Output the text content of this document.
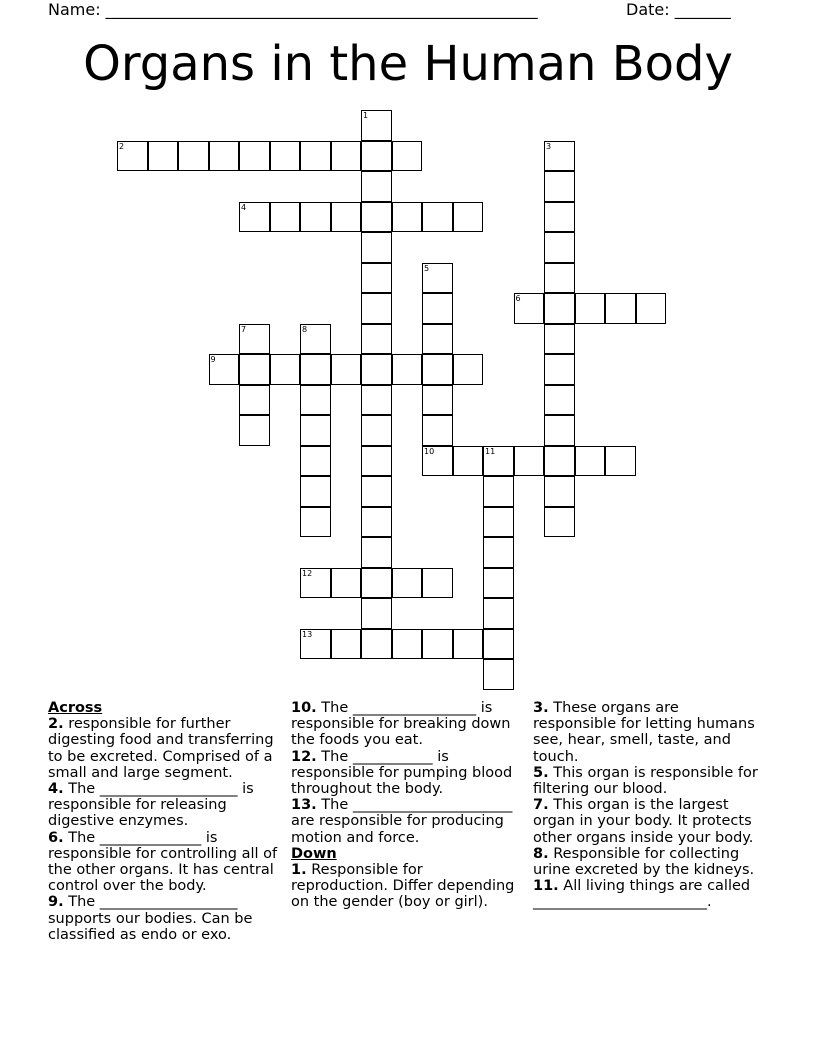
Name: ______________________________________________________	Date: _______
Organs in the Human Body
1
2	3
4
5
10
6
7	8
9
11
12
13

Across

2. responsible for further digesting food and transferring to be excreted. Comprised of a small and large segment.

4. The ___________________ is responsible for releasing digestive enzymes.

6. The ______________ is responsible for controlling all of the other organs. It has central control over the body.

9. The ___________________ supports our bodies. Can be classified as endo or exo.

10. The _________________ is responsible for breaking down the foods you eat.

12. The ___________ is responsible for pumping blood throughout the body.

13. The ______________________ are responsible for producing motion and force.

Down

1. Responsible for reproduction. Differ depending on the gender (boy or girl).

3. These organs are responsible for letting humans see, hear, smell, taste, and touch.

5. This organ is responsible for filtering our blood.

7. This organ is the largest organ in your body. It protects other organs inside your body.

8. Responsible for collecting urine excreted by the kidneys.

11. All living things are called ________________________.
